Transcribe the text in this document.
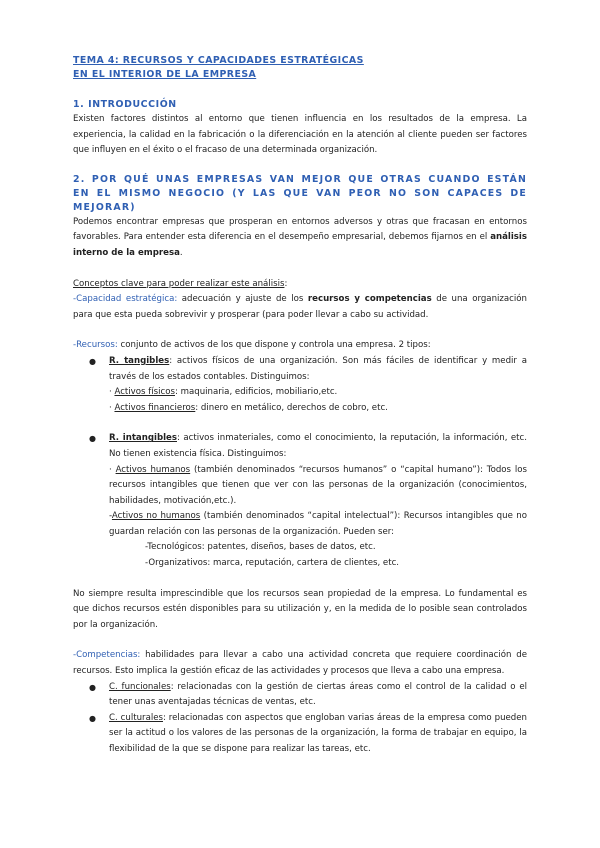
TEMA 4: RECURSOS Y CAPACIDADES ESTRATÉGICAS
EN EL INTERIOR DE LA EMPRESA
1. INTRODUCCIÓN

Existen factores distintos al entorno que tienen influencia en los resultados de la empresa. La experiencia, la calidad en la fabricación o la diferenciación en la atención al cliente pueden ser factores que influyen en el éxito o el fracaso de una determinada organización.

2. POR QUÉ UNAS EMPRESAS VAN MEJOR QUE OTRAS CUANDO ESTÁN EN EL MISMO NEGOCIO (Y LAS QUE VAN PEOR NO SON CAPACES DE MEJORAR)

Podemos encontrar empresas que prosperan en entornos adversos y otras que fracasan en entornos favorables. Para entender esta diferencia en el desempeño empresarial, debemos fijarnos en el análisis interno de la empresa.

Conceptos clave para poder realizar este análisis:

-Capacidad estratégica: adecuación y ajuste de los recursos y competencias de una organización para que esta pueda sobrevivir y prosperar (para poder llevar a cabo su actividad.

-Recursos: conjunto de activos de los que dispone y controla una empresa. 2 tipos:

● R. tangibles: activos físicos de una organización. Son más fáciles de identificar y medir a través de los estados contables. Distinguimos:

· Activos físicos: maquinaria, edificios, mobiliario,etc.

· Activos financieros: dinero en metálico, derechos de cobro, etc.

● R. intangibles: activos inmateriales, como el conocimiento, la reputación, la información, etc. No tienen existencia física. Distinguimos:

· Activos humanos (también denominados “recursos humanos” o “capital humano”): Todos los recursos intangibles que tienen que ver con las personas de la organización (conocimientos, habilidades, motivación,etc.).

-Activos no humanos (también denominados “capital intelectual”): Recursos intangibles que no guardan relación con las personas de la organización. Pueden ser:

-Tecnológicos: patentes, diseños, bases de datos, etc.

-Organizativos: marca, reputación, cartera de clientes, etc.

No siempre resulta imprescindible que los recursos sean propiedad de la empresa. Lo fundamental es que dichos recursos estén disponibles para su utilización y, en la medida de lo posible sean controlados por la organización.

-Competencias: habilidades para llevar a cabo una actividad concreta que requiere coordinación de recursos. Esto implica la gestión eficaz de las actividades y procesos que lleva a cabo una empresa.

● C. funcionales: relacionadas con la gestión de ciertas áreas como el control de la calidad o el tener unas aventajadas técnicas de ventas, etc.
● C. culturales: relacionadas con aspectos que engloban varias áreas de la empresa como pueden ser la actitud o los valores de las personas de la organización, la forma de trabajar en equipo, la flexibilidad de la que se dispone para realizar las tareas, etc.
